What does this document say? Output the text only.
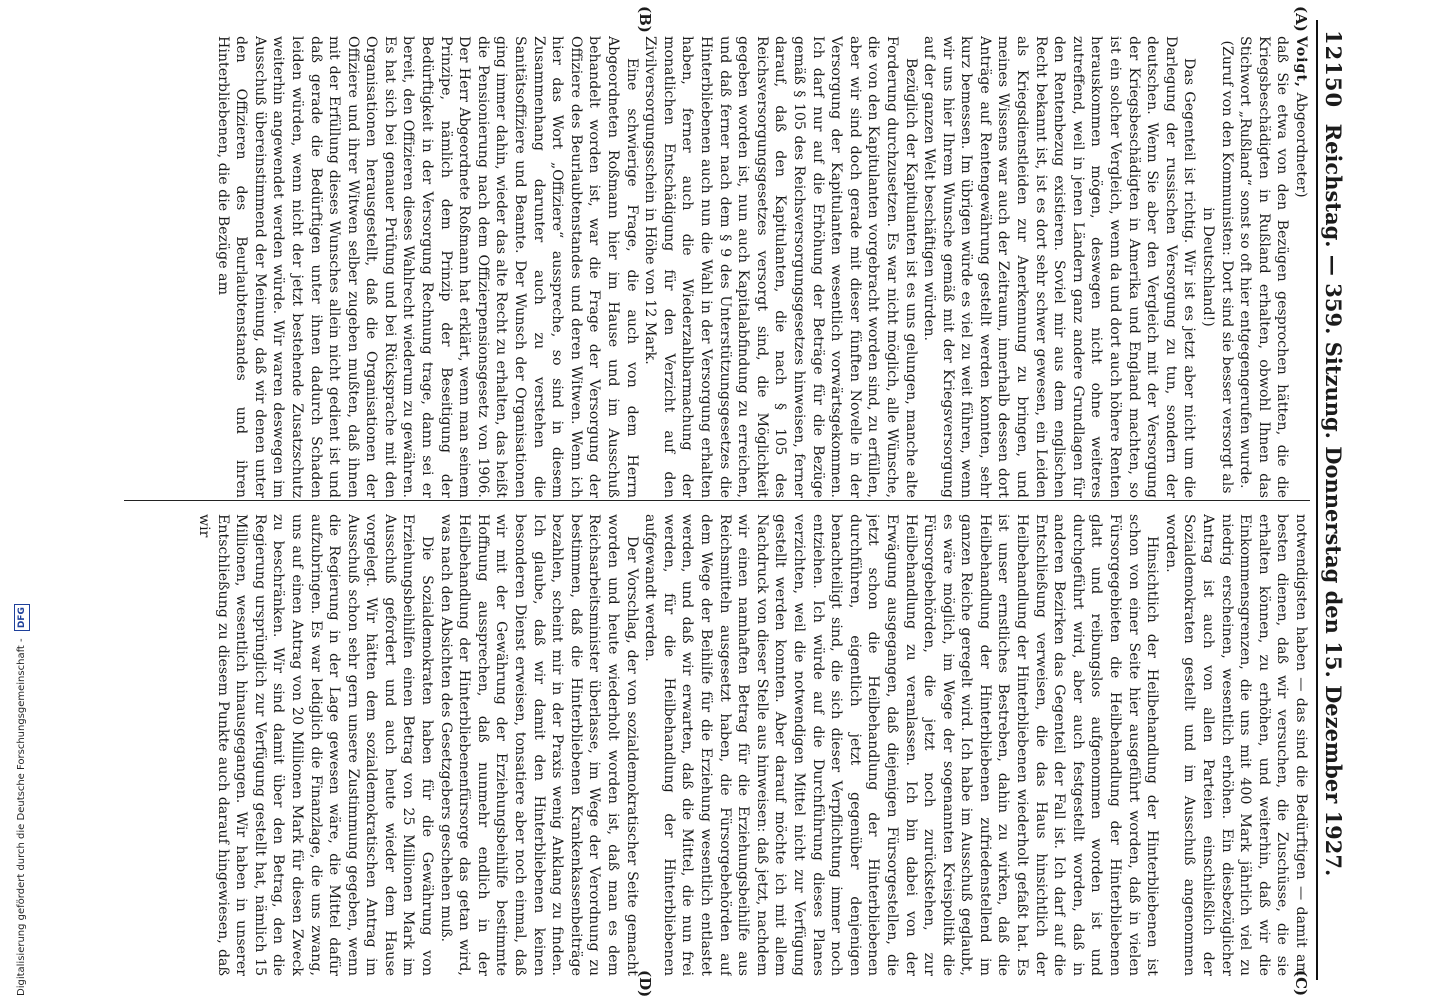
12150
Reichstag. — 359. Sitzung. Donnerstag den 15. Dezember 1927.

Voigt, Abgeordneter)
daß Sie etwa von den Bezügen gesprochen hätten, die die Kriegsbeschädigten in Rußland erhalten, obwohl Ihnen das Stichwort „Rußland“ sonst so oft hier entgegengerufen wurde.

(Zuruf von den Kommunisten: Dort sind sie besser versorgt als in Deutschland!)

Das Gegenteil ist richtig. Wir ist es jetzt aber nicht um die Darlegung der russischen Versorgung zu tun, sondern der deutschen. Wenn Sie aber den Vergleich mit der Versorgung der Kriegsbeschädigten in Amerika und England machten, so ist ein solcher Vergleich, wenn da und dort auch höhere Renten herauskommen mögen, deswegen nicht ohne weiteres zutreffend, weil in jenen Ländern ganz andere Grundlagen für den Rentenbezug existieren. Soviel mir aus dem englischen Recht bekannt ist, ist es dort sehr schwer gewesen, ein Leiden als Kriegsdienstleiden zur Anerkennung zu bringen, und meines Wissens war auch der Zeitraum, innerhalb dessen dort Anträge auf Rentengewährung gestellt werden konnten, sehr kurz bemessen. Im übrigen würde es viel zu weit führen, wenn wir uns hier Ihrem Wunsche gemäß mit der Kriegsversorgung auf der ganzen Welt beschäftigen würden.

Bezüglich der Kapitulanten ist es uns gelungen, manche alte Forderung durchzusetzen. Es war nicht möglich, alle Wünsche, die von den Kapitulanten vorgebracht worden sind, zu erfüllen, aber wir sind doch gerade mit dieser fünften Novelle in der Versorgung der Kapitulanten wesentlich vorwärtsgekommen. Ich darf nur auf die Erhöhung der Beträge für die Bezüge gemäß § 105 des Reichsversorgungsgesetzes hinweisen, ferner darauf, daß den Kapitulanten, die nach § 105 des Reichsversorgungsgesetzes versorgt sind, die Möglichkeit gegeben worden ist, nun auch Kapitalabfindung zu erreichen, und daß ferner nach dem § 9 des Unterstützungsgesetzes die Hinterbliebenen auch nun die Wahl in der Versorgung erhalten haben, ferner auch die Wiederzahlbarmachung der monatlichen Entschädigung für den Verzicht auf den Zivilversorgungsschein in Höhe von 12 Mark.

Eine schwierige Frage, die auch von dem Herrn Abgeordneten Roßmann hier im Hause und im Ausschuß behandelt worden ist, war die Frage der Versorgung der Offiziere des Beurlaubtenstandes und deren Witwen. Wenn ich hier das Wort „Offiziere“ ausspreche, so sind in diesem Zusammenhang darunter auch zu verstehen die Sanitätsoffiziere und Beamte. Der Wunsch der Organisationen ging immer dahin, wieder das alte Recht zu erhalten, das heißt die Pensionierung nach dem Offizierpensionsgesetz von 1906. Der Herr Abgeordnete Roßmann hat erklärt, wenn man seinem Prinzipe, nämlich dem Prinzip der Beseitigung der Bedürftigkeit in der Versorgung Rechnung trage, dann sei er bereit, den Offizieren dieses Wahlrecht wiederum zu gewähren. Es hat sich bei genauer Prüfung und bei Rücksprache mit den Organisationen herausgestellt, daß die Organisationen der Offiziere und ihrer Witwen selber zugeben mußten, daß ihnen mit der Erfüllung dieses Wunsches allein nicht gedient ist und daß gerade die Bedürftigen unter ihnen dadurch Schaden leiden würden, wenn nicht der jetzt bestehende Zusatzschutz weiterhin angewendet werden würde. Wir waren deswegen im Ausschuß übereinstimmend der Meinung, daß wir denen unter den Offizieren des Beurlaubtenstandes und ihren Hinterbliebenen, die die Bezüge am

notwendigsten haben — das sind die Bedürftigen — damit am besten dienen, daß wir versuchen, die Zuschüsse, die sie erhalten können, zu erhöhen, und weiterhin, daß wir die Einkommensgrenzen, die uns mit 400 Mark jährlich viel zu niedrig erscheinen, wesentlich erhöhen. Ein diesbezüglicher Antrag ist auch von allen Parteien einschließlich der Sozialdemokraten gestellt und im Ausschuß angenommen worden.

Hinsichtlich der Heilbehandlung der Hinterbliebenen ist schon von einer Seite hier ausgeführt worden, daß in vielen Fürsorgegebieten die Heilbehandlung der Hinterbliebenen glatt und reibungslos aufgenommen worden ist und durchgeführt wird, aber auch festgestellt worden, daß in anderen Bezirken das Gegenteil der Fall ist. Ich darf auf die Entschließung verweisen, die das Haus hinsichtlich der Heilbehandlung der Hinterbliebenen wiederholt gefaßt hat. Es ist unser ernstliches Bestreben, dahin zu wirken, daß die Heilbehandlung der Hinterbliebenen zufriedenstellend im ganzen Reiche geregelt wird. Ich habe im Ausschuß geglaubt, es wäre möglich, im Wege der sogenannten Kreispolitik die Fürsorgebehörden, die jetzt noch zurückstehen, zur Heilbehandlung zu veranlassen. Ich bin dabei von der Erwägung ausgegangen, daß diejenigen Fürsorgestellen, die jetzt schon die Heilbehandlung der Hinterbliebenen durchführen, eigentlich jetzt gegenüber denjenigen benachteiligt sind, die sich dieser Verpflichtung immer noch entziehen. Ich würde auf die Durchführung dieses Planes verzichten, weil die notwendigen Mittel nicht zur Verfügung gestellt werden konnten. Aber darauf möchte ich mit allem Nachdruck von dieser Stelle aus hinweisen: daß jetzt, nachdem wir einen namhaften Betrag für die Erziehungsbeihilfe aus Reichsmitteln ausgesetzt haben, die Fürsorgebehörden auf dem Wege der Beihilfe für die Erziehung wesentlich entlastet werden, und daß wir erwarten, daß die Mittel, die nun frei werden, für die Heilbehandlung der Hinterbliebenen aufgewandt werden.

Der Vorschlag, der von sozialdemokratischer Seite gemacht worden und heute wiederholt worden ist, daß man es dem Reichsarbeitsminister überlasse, im Wege der Verordnung zu bestimmen, daß die Hinterbliebenen Krankenkassenbeiträge bezahlen, scheint mir in der Praxis wenig Anklang zu finden. Ich glaube, daß wir damit den Hinterbliebenen keinen besonderen Dienst erweisen, tonsatiere aber noch einmal, daß wir mit der Gewährung der Erziehungsbeihilfe bestimmte Hoffnung aussprechen, daß nunmehr endlich in der Heilbehandlung der Hinterbliebenenfürsorge das getan wird, was nach den Absichten des Gesetzgebers geschehen muß.

Die Sozialdemokraten haben für die Gewährung von Erziehungsbeihilfen einen Betrag von 25 Millionen Mark im Ausschuß gefordert und auch heute wieder dem Hause vorgelegt. Wir hätten dem sozialdemokratischen Antrag im Ausschuß schon sehr gern unsere Zustimmung gegeben, wenn die Regierung in der Lage gewesen wäre, die Mittel dafür aufzubringen. Es war lediglich die Finanzlage, die uns zwang, uns auf einen Antrag von 20 Millionen Mark für diesen Zweck zu beschränken. Wir sind damit über den Betrag, den die Regierung ursprünglich zur Verfügung gestellt hat, nämlich 15 Millionen, wesentlich hinausgegangen. Wir haben in unserer Entschließung zu diesem Punkte auch darauf hingewiesen, daß wir

(A)
(B)
(C)
(D)
Digitalisierung gefördert durch die Deutsche Forschungsgemeinschaft - DFG
